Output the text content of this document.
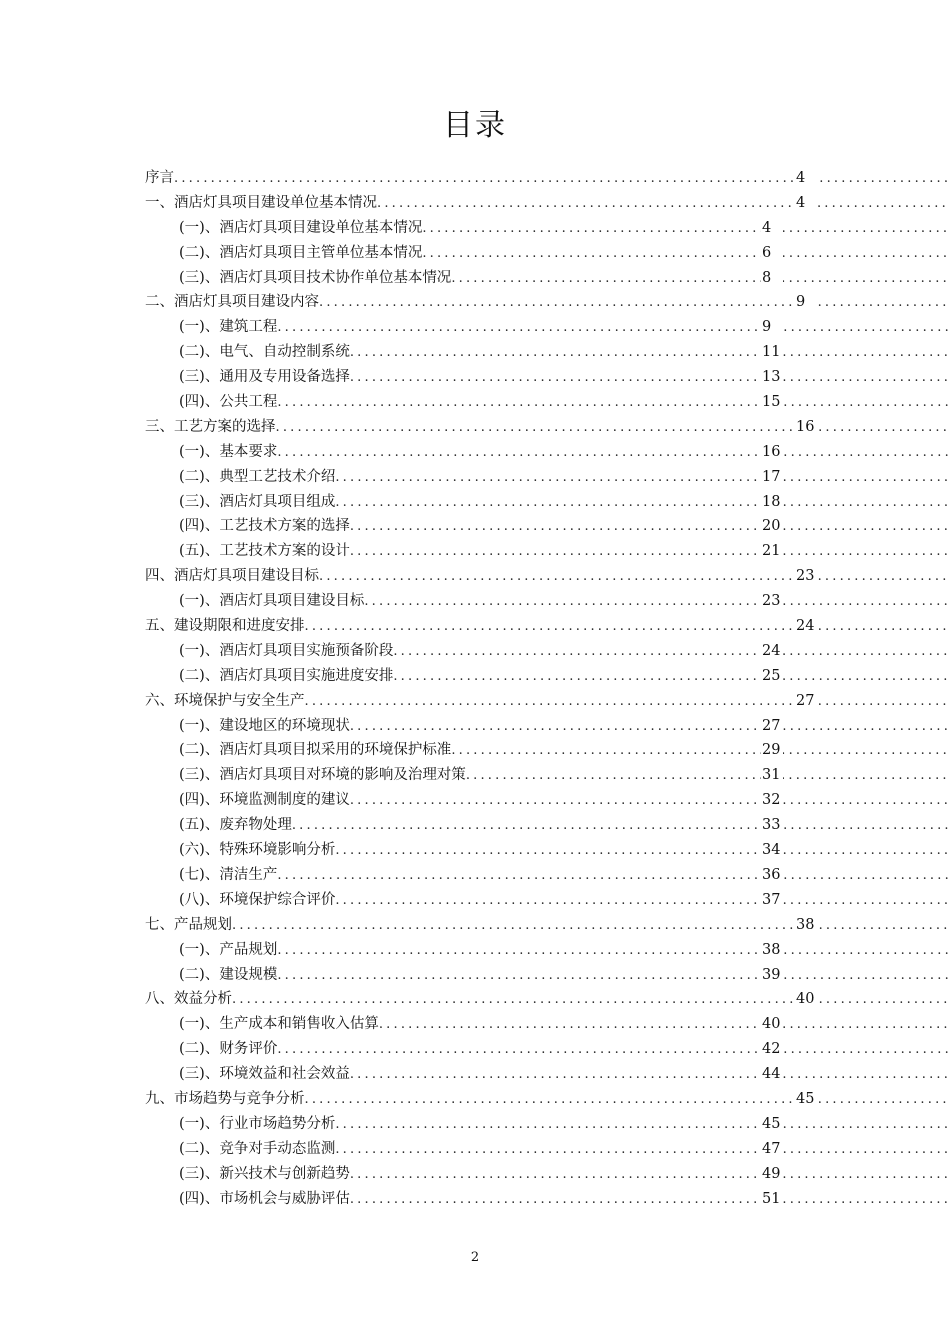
目录
序言 .....	4
一、酒店灯具项目建设单位基本情况 .....	4
(一)、酒店灯具项目建设单位基本情况 .....	4
(二)、酒店灯具项目主管单位基本情况 .....	6
(三)、酒店灯具项目技术协作单位基本情况 .....	8
二、酒店灯具项目建设内容 .....	9
(一)、建筑工程 .....	9
(二)、电气、自动控制系统 .....	11
(三)、通用及专用设备选择 .....	13
(四)、公共工程 .....	15
三、工艺方案的选择 .....	16
(一)、基本要求 .....	16
(二)、典型工艺技术介绍 .....	17
(三)、酒店灯具项目组成 .....	18
(四)、工艺技术方案的选择 .....	20
(五)、工艺技术方案的设计 .....	21
四、酒店灯具项目建设目标 .....	23
(一)、酒店灯具项目建设目标 .....	23
五、建设期限和进度安排 .....	24
(一)、酒店灯具项目实施预备阶段 .....	24
(二)、酒店灯具项目实施进度安排 .....	25
六、环境保护与安全生产 .....	27
(一)、建设地区的环境现状 .....	27
(二)、酒店灯具项目拟采用的环境保护标准 .....	29
(三)、酒店灯具项目对环境的影响及治理对策 .....	31
(四)、环境监测制度的建议 .....	32
(五)、废弃物处理 .....	33
(六)、特殊环境影响分析 .....	34
(七)、清洁生产 .....	36
(八)、环境保护综合评价 .....	37
七、产品规划 .....	38
(一)、产品规划 .....	38
(二)、建设规模 .....	39
八、效益分析 .....	40
(一)、生产成本和销售收入估算 .....	40
(二)、财务评价 .....	42
(三)、环境效益和社会效益 .....	44
九、市场趋势与竞争分析 .....	45
(一)、行业市场趋势分析 .....	45
(二)、竞争对手动态监测 .....	47
(三)、新兴技术与创新趋势 .....	49
(四)、市场机会与威胁评估 .....	51
2
